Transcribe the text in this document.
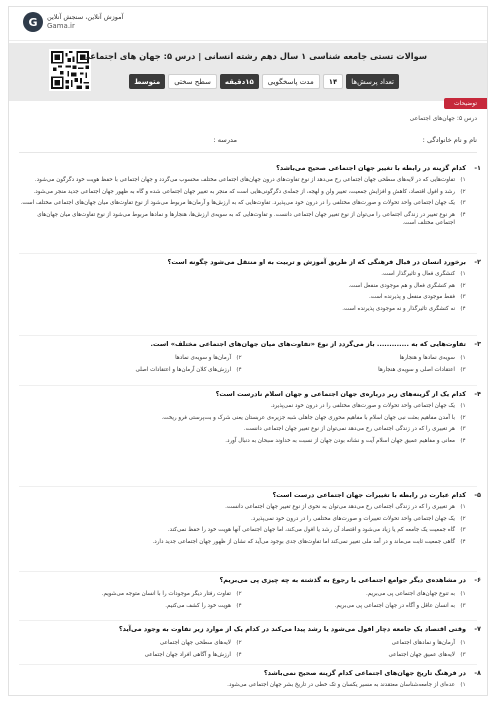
G	آموزش آنلاین، سنجش آنلاین
Gama.ir
سوالات تستی جامعه شناسی ۱ سال دهم رشته انسانی | درس ۵: جهان های اجتماعی
تعداد پرسش‌ها
۱۴
مدت پاسخگویی
۱۵دقیقه
سطح سختی
متوسط
توضیحات
درس ۵: جهان‌های اجتماعی
نام و نام خانوادگی :
مدرسه :
۱-
کدام گزینه در رابطه با تغییر جهان اجتماعی صحیح می‌باشد؟
۱)
تفاوت‌هایی که در لایه‌های سطحی جهان اجتماعی رخ می‌دهد از نوع تفاوت‌های درون جهان‌های اجتماعی مختلف محسوب می‌گردد و جهان اجتماعی با حفظ هویت خود دگرگون می‌شود.
۲)
رشد و افول اقتصاد، کاهش و افزایش جمعیت، تغییر ولن و لهجه، از جمله‌ی دگرگونی‌هایی است که منجر به تغییر جهان اجتماعی شده و گاه به ظهور جهان اجتماعی جدید منجر می‌شود.
۳)
یک جهان اجتماعی واحد تحولات و صورت‌های مختلفی را در درون خود می‌پذیرد. تفاوت‌هایی که به ارزش‌ها و آرمان‌ها مربوط می‌شود از نوع تفاوت‌های میان جهان‌های اجتماعی مختلف است.
۴)
هر نوع تغییر در زندگی اجتماعی را می‌توان از نوع تغییر جهان اجتماعی دانست. و تفاوت‌هایی که به سویه‌ی ارزش‌ها، هنجارها و نمادها مربوط می‌شود از نوع تفاوت‌های میان جهان‌های اجتماعی مختلف است.
۲-
برخورد انسان در قبال فرهنگی که از طریق آموزش و تربیت به او منتقل می‌شود چگونه است؟
۱)
کنشگری فعال و تاثیرگذار است.
۲)
هم کنشگری فعال و هم موجودی منفعل است.
۳)
فقط موجودی منفعل و پذیرنده است.
۴)
نه کنشگری تاثیرگذار و نه موجودی پذیرنده است.
۳-
تفاوت‌هایی که به ............. باز می‌گردد از نوع «تفاوت‌های میان جهان‌های اجتماعی مختلف» است.
۱)
سویه‌ی نمادها و هنجارها
۲)
آرمان‌ها و سویه‌ی نمادها
۳)
اعتقادات اصلی و سویه‌ی هنجارها
۴)
ارزش‌های کلان آرمان‌ها و اعتقادات اصلی
۴-
کدام یک از گزینه‌های زیر درباره‌ی جهان اجتماعی و جهان اسلام نادرست است؟
۱)
یک جهان اجتماعی واحد تحولات و صورت‌های مختلفی را در درون خود نمی‌پذیرد.
۲)
با آمدن مفاهیم بعثت نبی جهان اسلام با مفاهیم محوری جهان جاهلی شبه جزیره‌ی عربستان یعنی شرک و بت‌پرستی فرو ریخت.
۳)
هر تغییری را که در زندگی اجتماعی رخ می‌دهد نمی‌توان از نوع تغییر جهان اجتماعی دانست.
۴)
معانی و مفاهیم عمیق جهان اسلام آیت و نشانه بودن جهان از نسبت به خداوند سبحان به دنبال آورد.
۵-
کدام عبارت در رابطه با تغییرات جهان اجتماعی درست است؟
۱)
هر تغییری را که در زندگی اجتماعی رخ می‌دهد می‌توان به نحوی از نوع تغییر جهان اجتماعی دانست.
۲)
یک جهان اجتماعی واحد تحولات تغییرات و صورت‌های مختلفی را در درون خود نمی‌پذیرد.
۳)
گاه جمعیت یک جامعه کم یا زیاد می‌شود و اقتصاد آن رشد یا افول می‌کند، اما جهان اجتماعی آنها هویت خود را حفظ نمی‌کند.
۴)
گاهی جمعیت ثابت می‌ماند و در آمد ملی تغییر نمی‌کند اما تفاوت‌های جدی بوجود می‌آید که نشان از ظهور جهان اجتماعی جدید دارد.
۶-
در مشاهده‌ی دیگر جوامع اجتماعی با رجوع به گذشته به چه چیزی پی می‌بریم؟
۱)
به تنوع جهان‌های اجتماعی پی می‌بریم.
۲)
تفاوت رفتار دیگر موجودات را با انسان متوجه می‌شویم.
۳)
به انسان عاقل و آگاه در جهان اجتماعی پی می‌بریم.
۴)
هویت خود را کشف می‌کنیم.
۷-
وقتی اقتصاد یک جامعه دچار افول می‌شود یا رشد پیدا می‌کند در کدام یک از موارد زیر تفاوت به وجود می‌آید؟
۱)
آرمان‌ها و نمادهای اجتماعی
۲)
لایه‌های سطحی جهان اجتماعی
۳)
لایه‌های عمیق جهان اجتماعی
۴)
ارزش‌ها و آگاهی افراد جهان اجتماعی
۸-
در فرهنگ تاریخ جهان‌های اجتماعی کدام گزینه صحیح نمی‌باشد؟
۱)
عده‌ای از جامعه‌شناسان معتقدند به مسیر یکسان و تک خطی در تاریخ بشر جهان اجتماعی می‌شود.
